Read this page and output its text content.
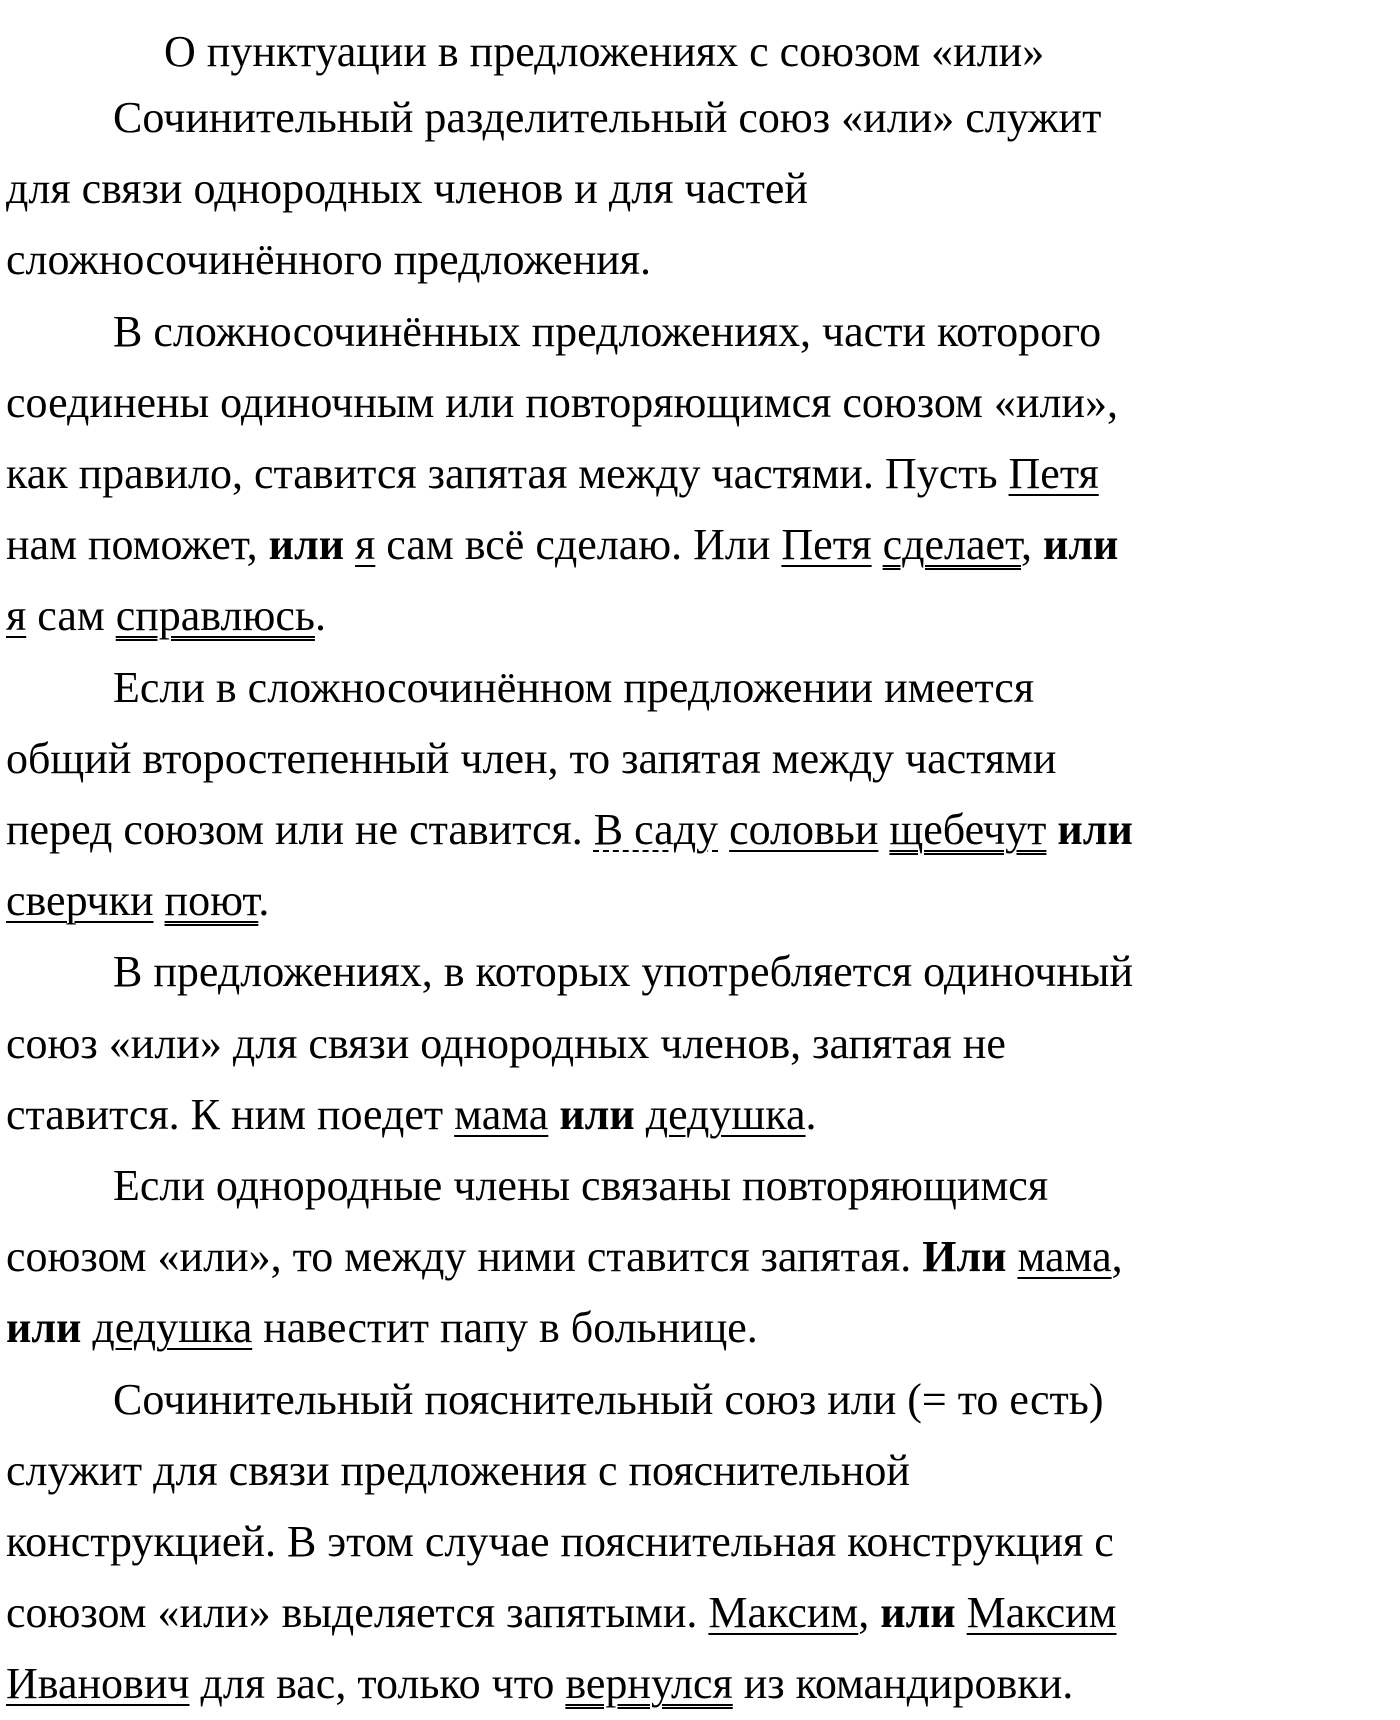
О пунктуации в предложениях с союзом «или»
Сочинительный разделительный союз «или» служит
для связи однородных членов и для частей
сложносочинённого предложения.
В сложносочинённых предложениях, части которого
соединены одиночным или повторяющимся союзом «или»,
как правило, ставится запятая между частями. Пусть Петя
нам поможет, или я сам всё сделаю. Или Петя сделает, или
я сам справлюсь.
Если в сложносочинённом предложении имеется
общий второстепенный член, то запятая между частями
перед союзом или не ставится. В саду соловьи щебечут или
сверчки поют.
В предложениях, в которых употребляется одиночный
союз «или» для связи однородных членов, запятая не
ставится. К ним поедет мама или дедушка.
Если однородные члены связаны повторяющимся
союзом «или», то между ними ставится запятая. Или мама,
или дедушка навестит папу в больнице.
Сочинительный пояснительный союз или (= то есть)
служит для связи предложения с пояснительной
конструкцией. В этом случае пояснительная конструкция с
союзом «или» выделяется запятыми. Максим, или Максим
Иванович для вас, только что вернулся из командировки.
